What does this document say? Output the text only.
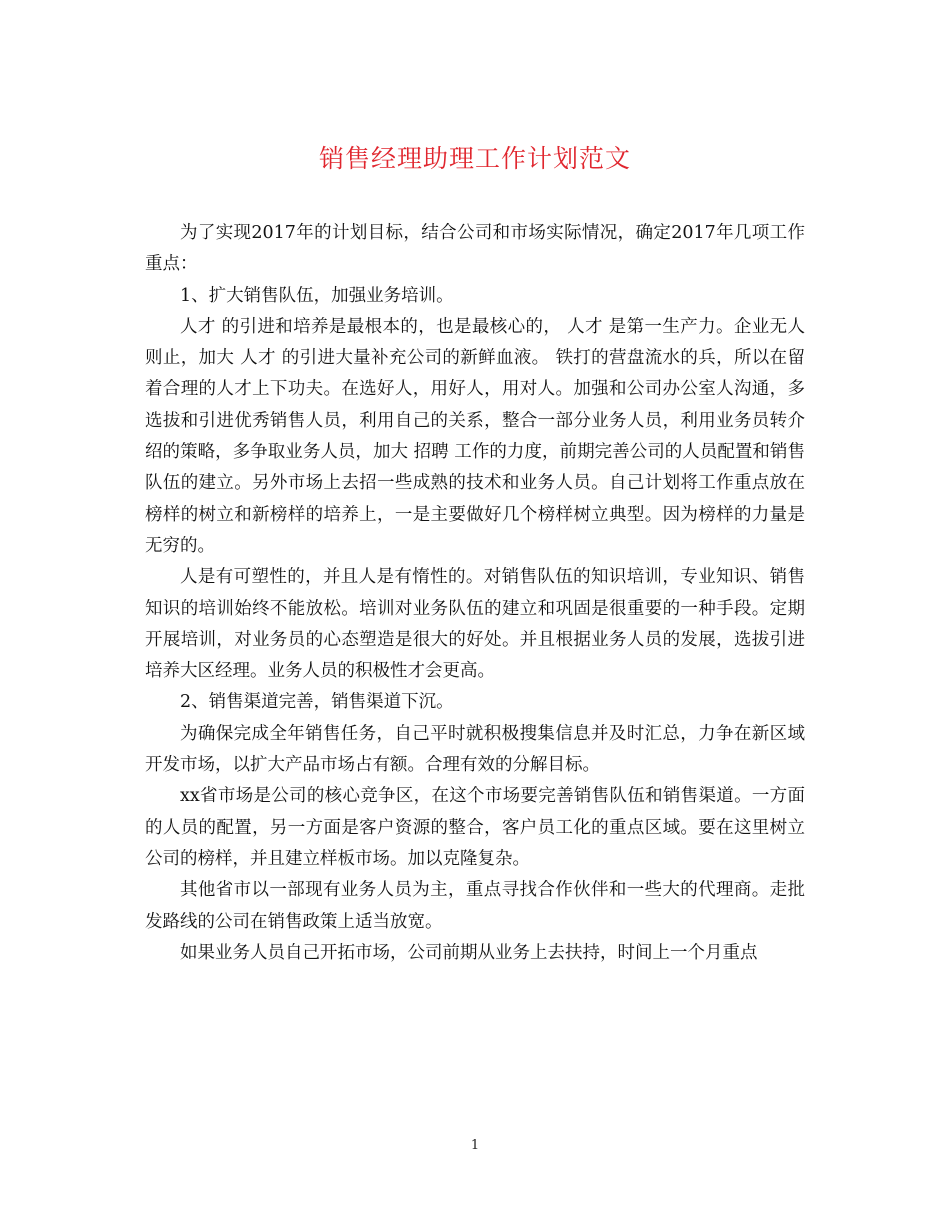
销售经理助理工作计划范文

为了实现2017年的计划目标，结合公司和市场实际情况，确定2017年几项工作重点：

1、扩大销售队伍，加强业务培训。

人才 的引进和培养是最根本的，也是最核心的， 人才 是第一生产力。企业无人则止，加大 人才 的引进大量补充公司的新鲜血液。 铁打的营盘流水的兵，所以在留着合理的人才上下功夫。在选好人，用好人，用对人。加强和公司办公室人沟通，多选拔和引进优秀销售人员，利用自己的关系，整合一部分业务人员，利用业务员转介绍的策略，多争取业务人员，加大 招聘 工作的力度，前期完善公司的人员配置和销售队伍的建立。另外市场上去招一些成熟的技术和业务人员。自己计划将工作重点放在榜样的树立和新榜样的培养上，一是主要做好几个榜样树立典型。因为榜样的力量是无穷的。

人是有可塑性的，并且人是有惰性的。对销售队伍的知识培训，专业知识、销售知识的培训始终不能放松。培训对业务队伍的建立和巩固是很重要的一种手段。定期开展培训，对业务员的心态塑造是很大的好处。并且根据业务人员的发展，选拔引进培养大区经理。业务人员的积极性才会更高。

2、销售渠道完善，销售渠道下沉。

为确保完成全年销售任务，自己平时就积极搜集信息并及时汇总，力争在新区域开发市场，以扩大产品市场占有额。合理有效的分解目标。

xx省市场是公司的核心竞争区，在这个市场要完善销售队伍和销售渠道。一方面的人员的配置，另一方面是客户资源的整合，客户员工化的重点区域。要在这里树立公司的榜样，并且建立样板市场。加以克隆复杂。

其他省市以一部现有业务人员为主，重点寻找合作伙伴和一些大的代理商。走批发路线的公司在销售政策上适当放宽。

如果业务人员自己开拓市场，公司前期从业务上去扶持，时间上一个月重点

1
